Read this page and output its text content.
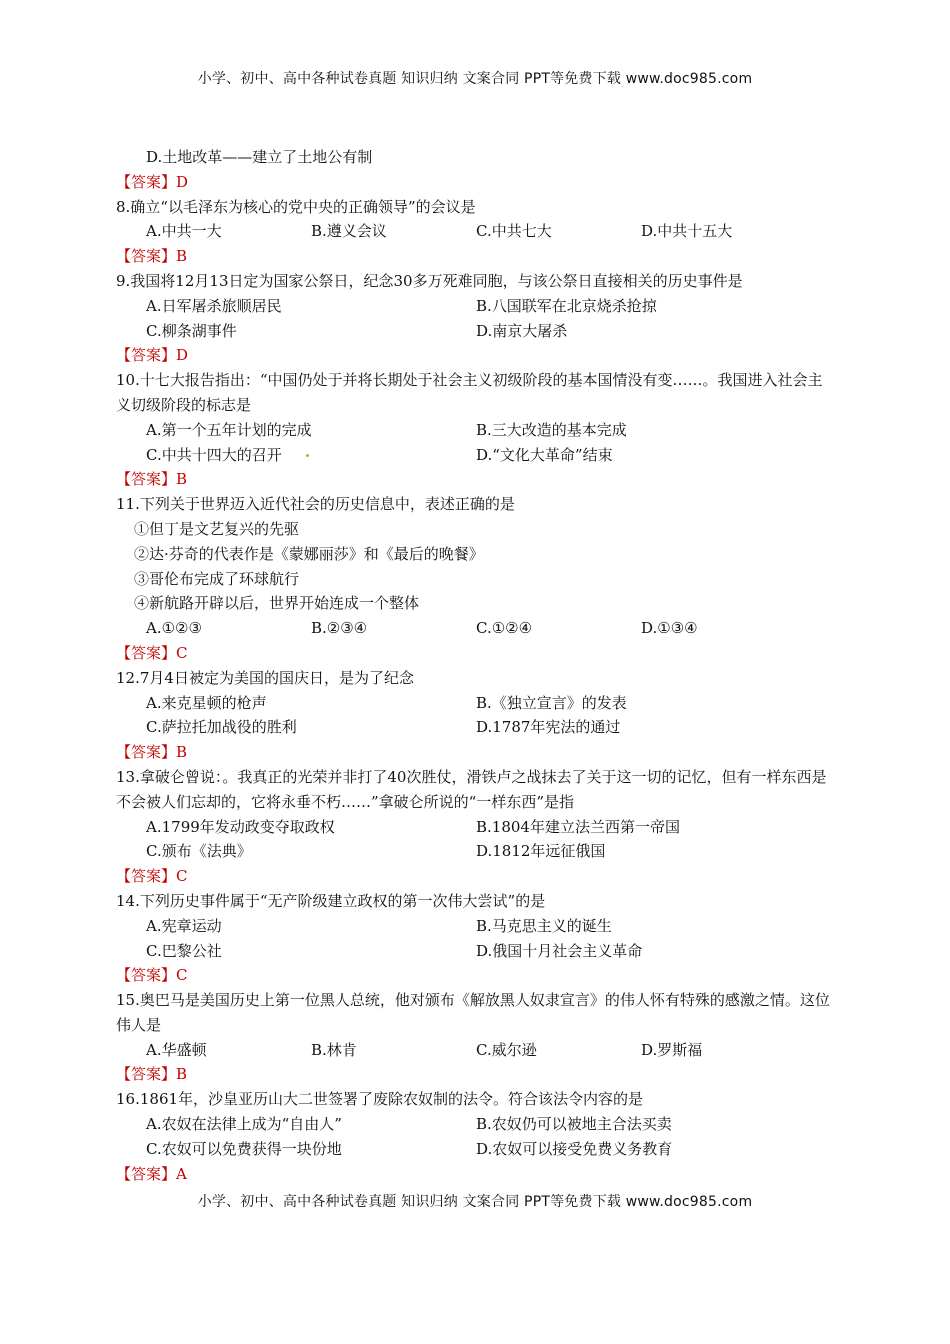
小学、初中、高中各种试卷真题 知识归纳 文案合同 PPT等免费下载 www.doc985.com
D.土地改革——建立了土地公有制
【答案】D
8.确立“以毛泽东为核心的党中央的正确领导”的会议是
A.中共一大	B.遵义会议	C.中共七大	D.中共十五大
【答案】B
9.我国将12月13日定为国家公祭日，纪念30多万死难同胞，与该公祭日直接相关的历史事件是
A.日军屠杀旅顺居民	B.八国联军在北京烧杀抢掠
C.柳条湖事件	D.南京大屠杀
【答案】D
10.十七大报告指出：“中国仍处于并将长期处于社会主义初级阶段的基本国情没有变……。我国进入社会主义切级阶段的标志是
A.第一个五年计划的完成	B.三大改造的基本完成
C.中共十四大的召开	D.“文化大革命”结束
【答案】B
11.下列关于世界迈入近代社会的历史信息中，表述正确的是
①但丁是文艺复兴的先驱
②达·芬奇的代表作是《蒙娜丽莎》和《最后的晚餐》
③哥伦布完成了环球航行
④新航路开辟以后，世界开始连成一个整体
A.①②③	B.②③④	C.①②④	D.①③④
【答案】C
12.7月4日被定为美国的国庆日，是为了纪念
A.来克星顿的枪声	B.《独立宣言》的发表
C.萨拉托加战役的胜利	D.1787年宪法的通过
【答案】B
13.拿破仑曾说：。我真正的光荣并非打了40次胜仗，滑铁卢之战抹去了关于这一切的记忆，但有一样东西是不会被人们忘却的，它将永垂不朽……”拿破仑所说的“一样东西”是指
A.1799年发动政变夺取政权	B.1804年建立法兰西第一帝国
C.颁布《法典》	D.1812年远征俄国
【答案】C
14.下列历史事件属于“无产阶级建立政权的第一次伟大尝试”的是
A.宪章运动	B.马克思主义的诞生
C.巴黎公社	D.俄国十月社会主义革命
【答案】C
15.奥巴马是美国历史上第一位黑人总统，他对颁布《解放黑人奴隶宣言》的伟人怀有特殊的感激之情。这位伟人是
A.华盛顿	B.林肯	C.威尔逊	D.罗斯福
【答案】B
16.1861年，沙皇亚历山大二世签署了废除农奴制的法令。符合该法令内容的是
A.农奴在法律上成为“自由人”	B.农奴仍可以被地主合法买卖
C.农奴可以免费获得一块份地	D.农奴可以接受免费义务教育
【答案】A
小学、初中、高中各种试卷真题 知识归纳 文案合同 PPT等免费下载 www.doc985.com
